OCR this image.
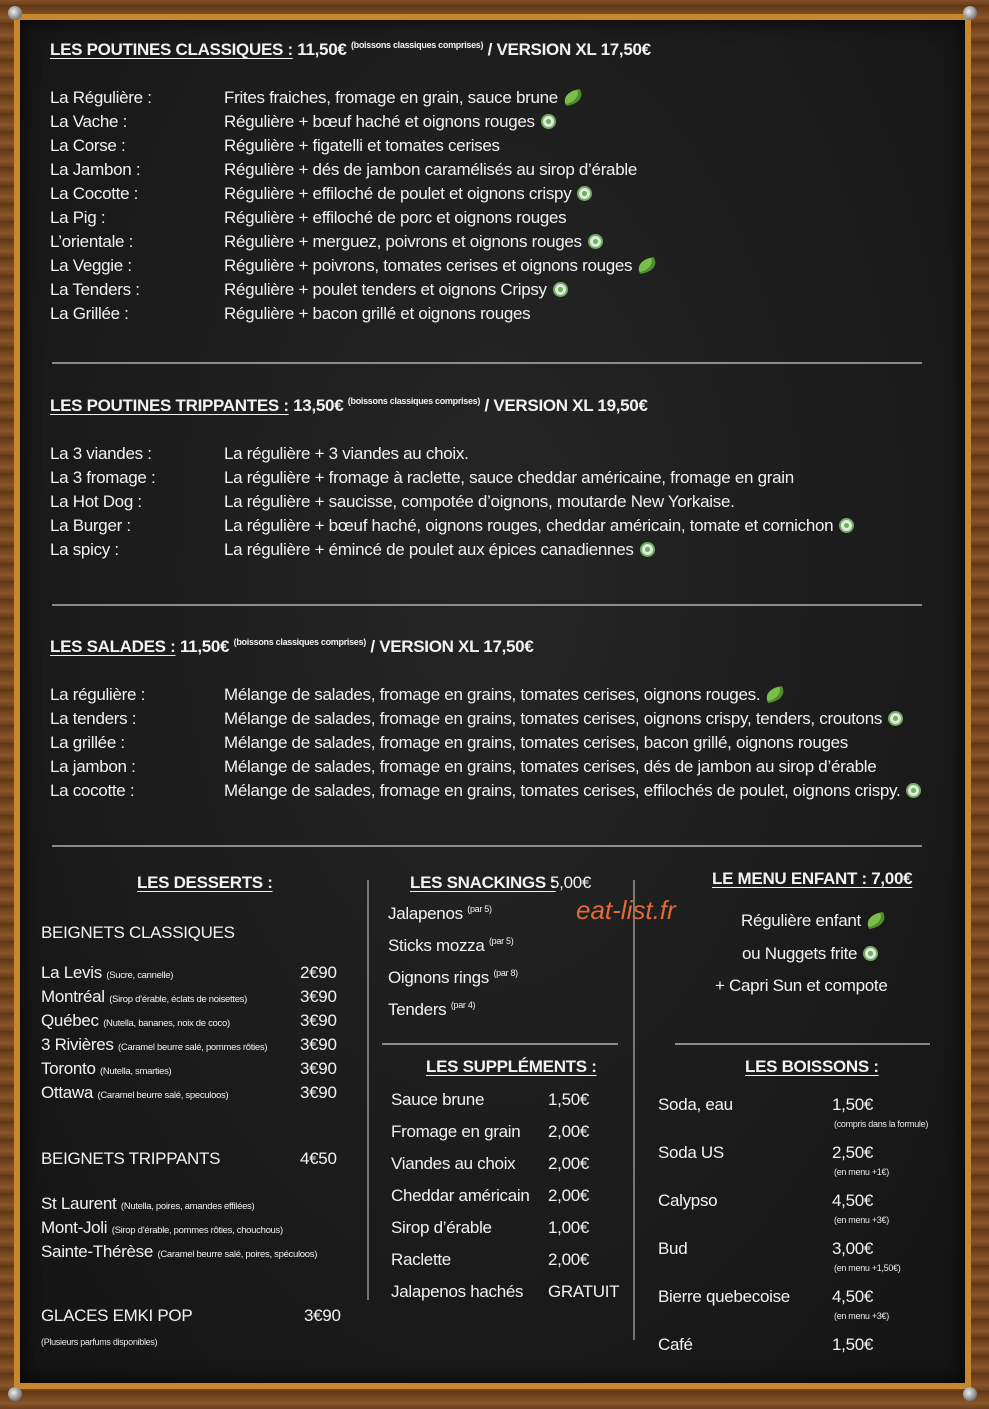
LES POUTINES CLASSIQUES : 11,50€ $^{(boissons classiques comprises)}$ / VERSION XL 17,50€
La Régulière :	Frites fraiches, fromage en grain, sauce brune
La Vache :	Régulière + bœuf haché et oignons rouges
La Corse :	Régulière + figatelli et tomates cerises
La Jambon :	Régulière + dés de jambon caramélisés au sirop d’érable
La Cocotte :	Régulière + effiloché de poulet et oignons crispy
La Pig :	Régulière + effiloché de porc et oignons rouges
L’orientale :	Régulière + merguez, poivrons et oignons rouges
La Veggie :	Régulière + poivrons, tomates cerises et oignons rouges
La Tenders :	Régulière + poulet tenders et oignons Cripsy
La Grillée :	Régulière + bacon grillé et oignons rouges
LES POUTINES TRIPPANTES : 13,50€ $^{(boissons classiques comprises)}$ / VERSION XL 19,50€
La 3 viandes :	La régulière + 3 viandes au choix.
La 3 fromage :	La régulière + fromage à raclette, sauce cheddar américaine, fromage en grain
La Hot Dog :	La régulière + saucisse, compotée d’oignons, moutarde New Yorkaise.
La Burger :	La régulière + bœuf haché, oignons rouges, cheddar américain, tomate et cornichon
La spicy :	La régulière + émincé de poulet aux épices canadiennes
LES SALADES : 11,50€ $^{(boissons classiques comprises)}$ / VERSION XL 17,50€
La régulière :	Mélange de salades, fromage en grains, tomates cerises, oignons rouges.
La tenders :	Mélange de salades, fromage en grains, tomates cerises, oignons crispy, tenders, croutons
La grillée :	Mélange de salades, fromage en grains, tomates cerises, bacon grillé, oignons rouges
La jambon :	Mélange de salades, fromage en grains, tomates cerises, dés de jambon au sirop d’érable
La cocotte :	Mélange de salades, fromage en grains, tomates cerises, effilochés de poulet, oignons crispy.
LES DESSERTS :
BEIGNETS CLASSIQUES
La Levis (Sucre, cannelle)	2€90
Montréal (Sirop d’érable, éclats de noisettes)	3€90
Québec (Nutella, bananes, noix de coco)	3€90
3 Rivières (Caramel beurre salé, pommes rôties) 3€90
Toronto (Nutella, smarties)	3€90
Ottawa (Caramel beurre salé, speculoos)	3€90
BEIGNETS TRIPPANTS	4€50
St Laurent (Nutella, poires, amandes effilées)
Mont-Joli (Sirop d’érable, pommes rôties, chouchous)
Sainte-Thérèse (Caramel beurre salé, poires, spéculoos)
GLACES EMKI POP	3€90
(Plusieurs parfums disponibles)
LES SNACKINGS :
5,00€
Jalapenos $^{(par 5)}$
Sticks mozza $^{(par 5)}$
Oignons rings $^{(par 8)}$
Tenders $^{(par 4)}$
LES SUPPLÉMENTS :
Sauce brune	1,50€
Fromage en grain 2,00€
Viandes au choix 2,00€
Cheddar américain 2,00€
Sirop d’érable	1,00€
Raclette	2,00€
Jalapenos hachés GRATUIT
eat-list.fr
LE MENU ENFANT : 7,00€
Régulière enfant
ou Nuggets frite
+ Capri Sun et compote
LES BOISSONS :
Soda, eau	1,50€
(compris dans la formule)
Soda US	2,50€
(en menu +1€)
Calypso	4,50€
(en menu +3€)
Bud	3,00€
(en menu +1,50€)
Bierre quebecoise 4,50€
(en menu +3€)
Café	1,50€
